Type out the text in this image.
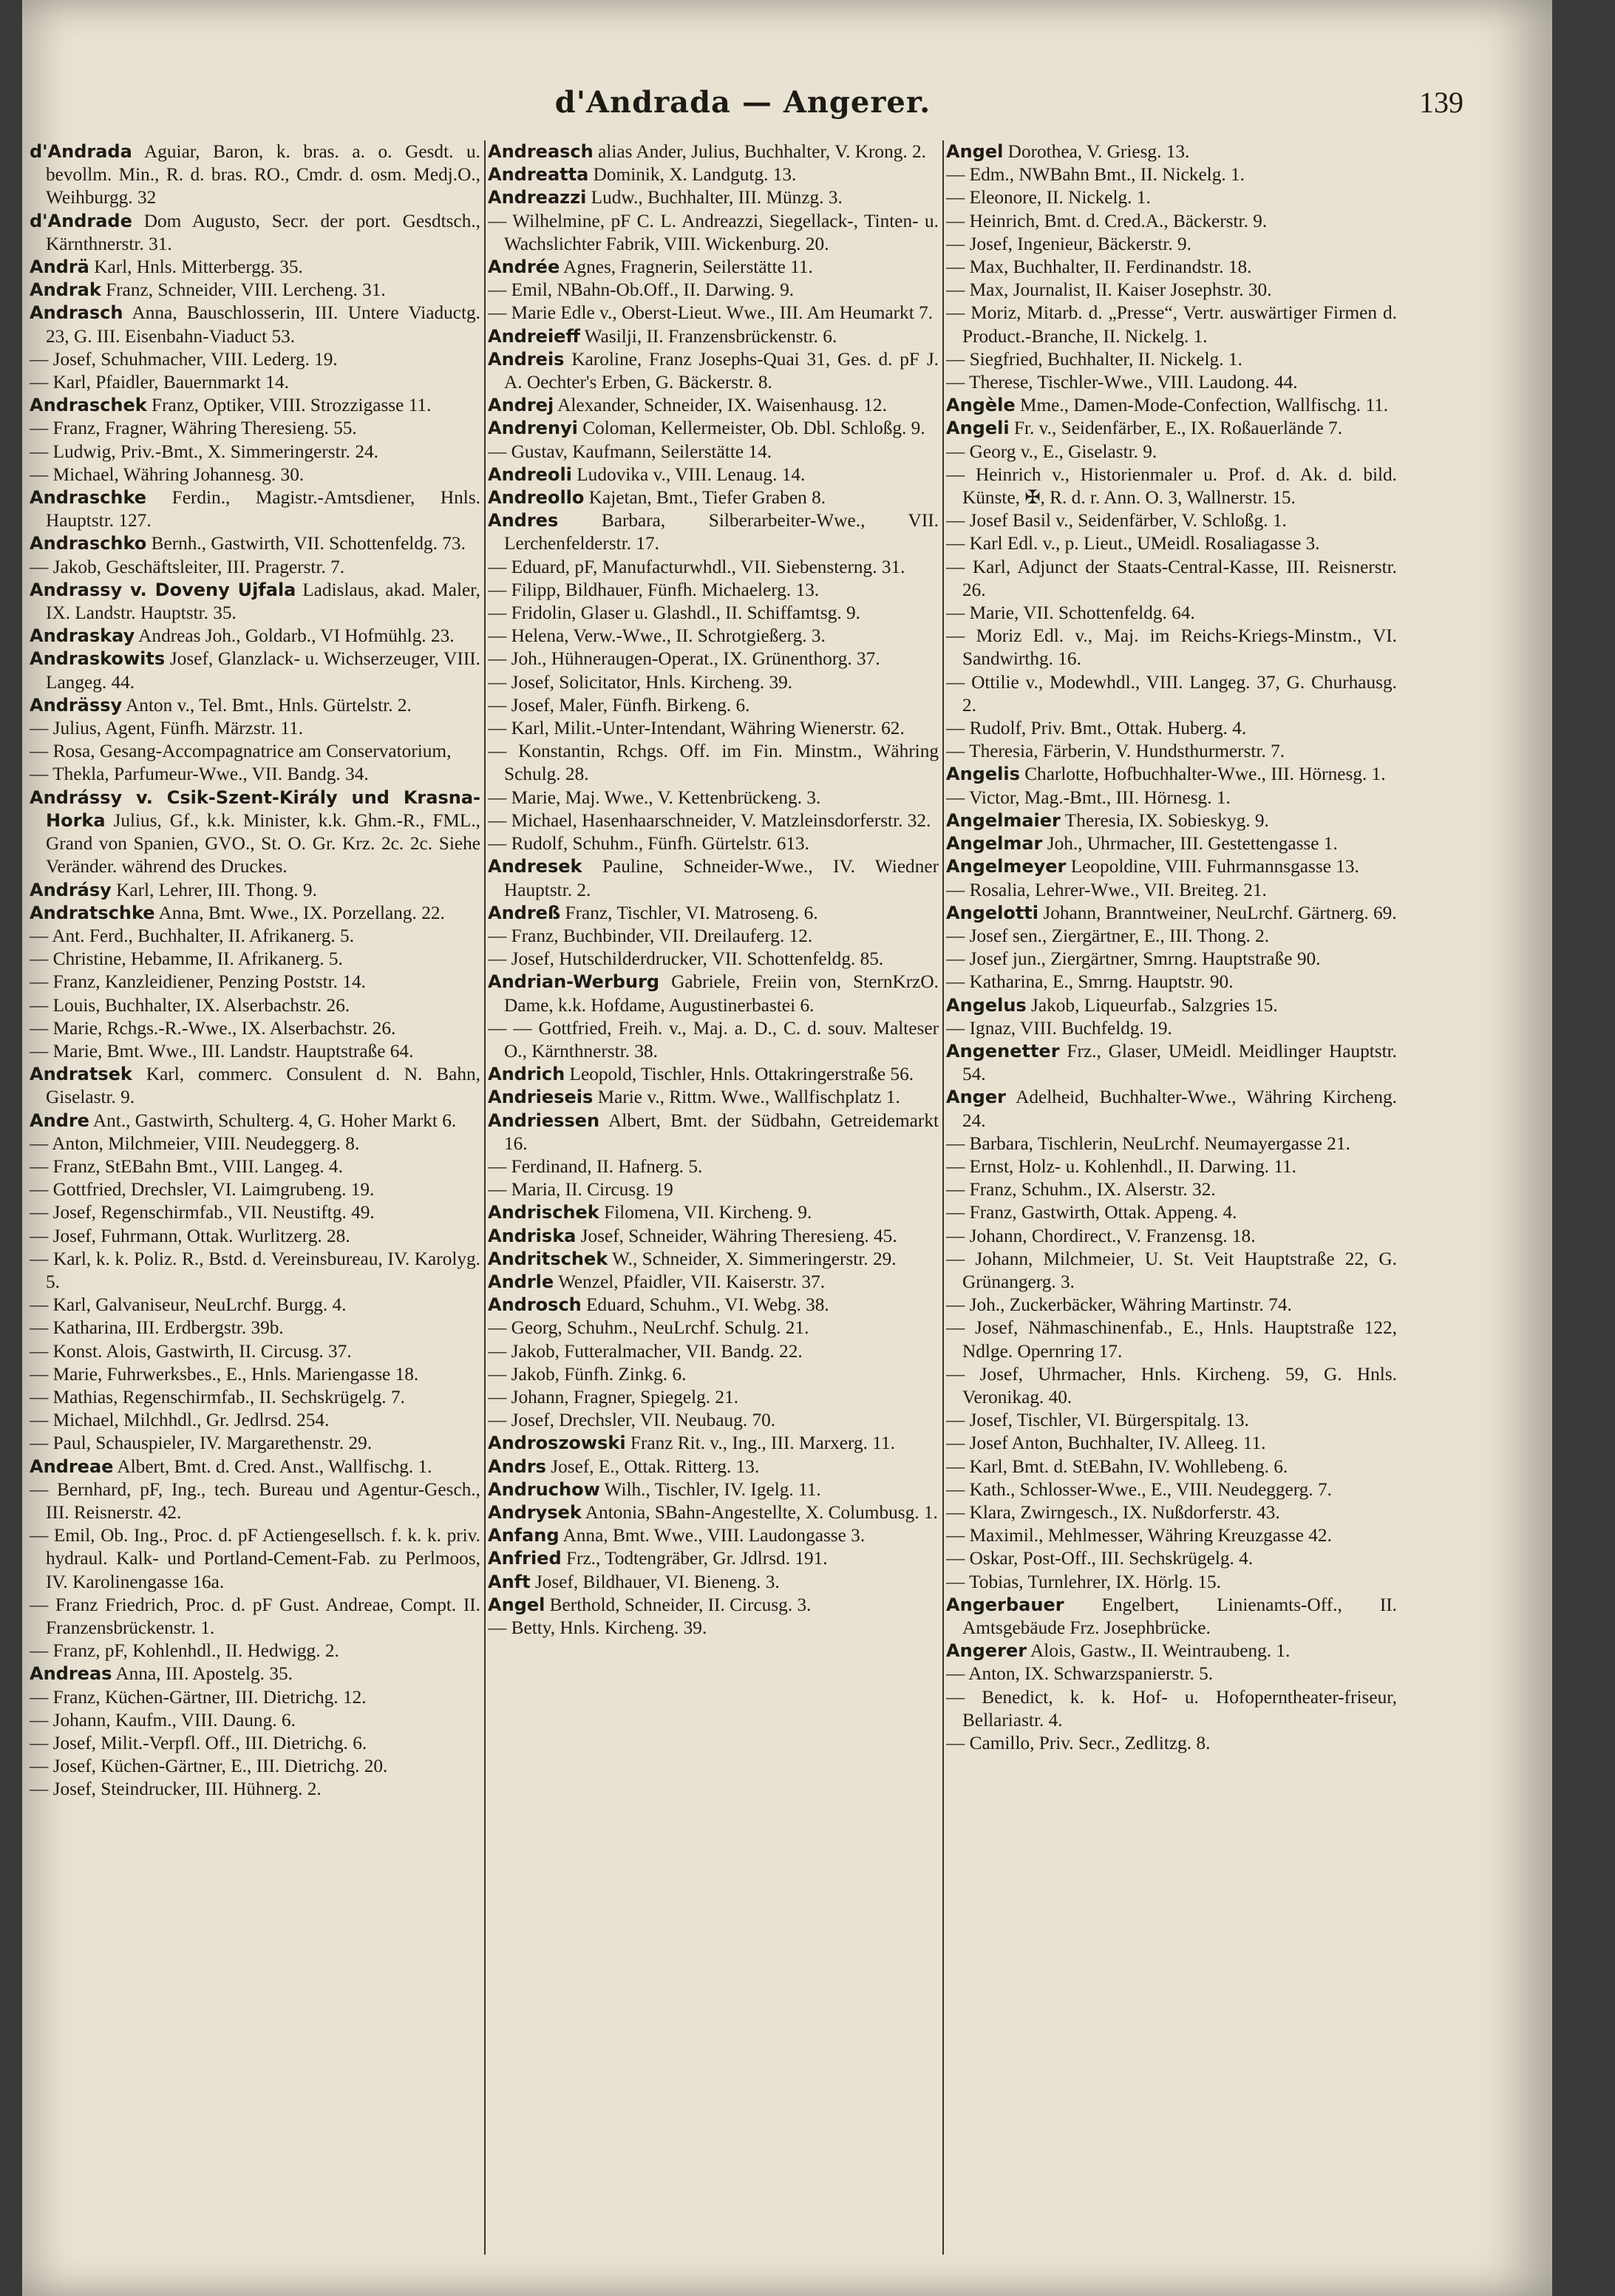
d'Andrada — Angerer.	139

d'Andrada Aguiar, Baron, k. bras. a. o. Gesdt. u. bevollm. Min., R. d. bras. RO., Cmdr. d. osm. Medj.O., Weihburgg. 32

d'Andrade Dom Augusto, Secr. der port. Gesdtsch., Kärnthnerstr. 31.

Andrä Karl, Hnls. Mitterbergg. 35.

Andrak Franz, Schneider, VIII. Lercheng. 31.

Andrasch Anna, Bauschlosserin, III. Untere Viaductg. 23, G. III. Eisenbahn-Viaduct 53.

— Josef, Schuhmacher, VIII. Lederg. 19.

— Karl, Pfaidler, Bauernmarkt 14.

Andraschek Franz, Optiker, VIII. Strozzigasse 11.

— Franz, Fragner, Währing Theresieng. 55.

— Ludwig, Priv.-Bmt., X. Simmeringerstr. 24.

— Michael, Währing Johannesg. 30.

Andraschke Ferdin., Magistr.-Amtsdiener, Hnls. Hauptstr. 127.

Andraschko Bernh., Gastwirth, VII. Schottenfeldg. 73.

— Jakob, Geschäftsleiter, III. Pragerstr. 7.

Andrassy v. Doveny Ujfala Ladislaus, akad. Maler, IX. Landstr. Hauptstr. 35.

Andraskay Andreas Joh., Goldarb., VI Hofmühlg. 23.

Andraskowits Josef, Glanzlack- u. Wichserzeuger, VIII. Langeg. 44.

Andrässy Anton v., Tel. Bmt., Hnls. Gürtelstr. 2.

— Julius, Agent, Fünfh. Märzstr. 11.

— Rosa, Gesang-Accompagnatrice am Conservatorium,

— Thekla, Parfumeur-Wwe., VII. Bandg. 34.

Andrássy v. Csik-Szent-Király und Krasna-Horka Julius, Gf., k.k. Minister, k.k. Ghm.-R., FML., Grand von Spanien, GVO., St. O. Gr. Krz. 2c. 2c. Siehe Veränder. während des Druckes.

Andrásy Karl, Lehrer, III. Thong. 9.

Andratschke Anna, Bmt. Wwe., IX. Porzellang. 22.

— Ant. Ferd., Buchhalter, II. Afrikanerg. 5.

— Christine, Hebamme, II. Afrikanerg. 5.

— Franz, Kanzleidiener, Penzing Poststr. 14.

— Louis, Buchhalter, IX. Alserbachstr. 26.

— Marie, Rchgs.-R.-Wwe., IX. Alserbachstr. 26.

— Marie, Bmt. Wwe., III. Landstr. Hauptstraße 64.

Andratsek Karl, commerc. Consulent d. N. Bahn, Giselastr. 9.

Andre Ant., Gastwirth, Schulterg. 4, G. Hoher Markt 6.

— Anton, Milchmeier, VIII. Neudeggerg. 8.

— Franz, StEBahn Bmt., VIII. Langeg. 4.

— Gottfried, Drechsler, VI. Laimgrubeng. 19.

— Josef, Regenschirmfab., VII. Neustiftg. 49.

— Josef, Fuhrmann, Ottak. Wurlitzerg. 28.

— Karl, k. k. Poliz. R., Bstd. d. Vereinsbureau, IV. Karolyg. 5.

— Karl, Galvaniseur, NeuLrchf. Burgg. 4.

— Katharina, III. Erdbergstr. 39b.

— Konst. Alois, Gastwirth, II. Circusg. 37.

— Marie, Fuhrwerksbes., E., Hnls. Mariengasse 18.

— Mathias, Regenschirmfab., II. Sechskrügelg. 7.

— Michael, Milchhdl., Gr. Jedlrsd. 254.

— Paul, Schauspieler, IV. Margarethenstr. 29.

Andreae Albert, Bmt. d. Cred. Anst., Wallfischg. 1.

— Bernhard, pF, Ing., tech. Bureau und Agentur-Gesch., III. Reisnerstr. 42.

— Emil, Ob. Ing., Proc. d. pF Actiengesellsch. f. k. k. priv. hydraul. Kalk- und Portland-Cement-Fab. zu Perlmoos, IV. Karolinengasse 16a.

— Franz Friedrich, Proc. d. pF Gust. Andreae, Compt. II. Franzensbrückenstr. 1.

— Franz, pF, Kohlenhdl., II. Hedwigg. 2.

Andreas Anna, III. Apostelg. 35.

— Franz, Küchen-Gärtner, III. Dietrichg. 12.

— Johann, Kaufm., VIII. Daung. 6.

— Josef, Milit.-Verpfl. Off., III. Dietrichg. 6.

— Josef, Küchen-Gärtner, E., III. Dietrichg. 20.

— Josef, Steindrucker, III. Hühnerg. 2.

Andreasch alias Ander, Julius, Buchhalter, V. Krong. 2.

Andreatta Dominik, X. Landgutg. 13.

Andreazzi Ludw., Buchhalter, III. Münzg. 3.

— Wilhelmine, pF C. L. Andreazzi, Siegellack-, Tinten- u. Wachslichter Fabrik, VIII. Wickenburg. 20.

Andrée Agnes, Fragnerin, Seilerstätte 11.

— Emil, NBahn-Ob.Off., II. Darwing. 9.

— Marie Edle v., Oberst-Lieut. Wwe., III. Am Heumarkt 7.

Andreieff Wasilji, II. Franzensbrückenstr. 6.

Andreis Karoline, Franz Josephs-Quai 31, Ges. d. pF J. A. Oechter's Erben, G. Bäckerstr. 8.

Andrej Alexander, Schneider, IX. Waisenhausg. 12.

Andrenyi Coloman, Kellermeister, Ob. Dbl. Schloßg. 9.

— Gustav, Kaufmann, Seilerstätte 14.

Andreoli Ludovika v., VIII. Lenaug. 14.

Andreollo Kajetan, Bmt., Tiefer Graben 8.

Andres Barbara, Silberarbeiter-Wwe., VII. Lerchenfelderstr. 17.

— Eduard, pF, Manufacturwhdl., VII. Siebensterng. 31.

— Filipp, Bildhauer, Fünfh. Michaelerg. 13.

— Fridolin, Glaser u. Glashdl., II. Schiffamtsg. 9.

— Helena, Verw.-Wwe., II. Schrotgießerg. 3.

— Joh., Hühneraugen-Operat., IX. Grünenthorg. 37.

— Josef, Solicitator, Hnls. Kircheng. 39.

— Josef, Maler, Fünfh. Birkeng. 6.

— Karl, Milit.-Unter-Intendant, Währing Wienerstr. 62.

— Konstantin, Rchgs. Off. im Fin. Minstm., Währing Schulg. 28.

— Marie, Maj. Wwe., V. Kettenbrückeng. 3.

— Michael, Hasenhaarschneider, V. Matzleinsdorferstr. 32.

— Rudolf, Schuhm., Fünfh. Gürtelstr. 613.

Andresek Pauline, Schneider-Wwe., IV. Wiedner Hauptstr. 2.

Andreß Franz, Tischler, VI. Matroseng. 6.

— Franz, Buchbinder, VII. Dreilauferg. 12.

— Josef, Hutschilderdrucker, VII. Schottenfeldg. 85.

Andrian-Werburg Gabriele, Freiin von, SternKrzO. Dame, k.k. Hofdame, Augustinerbastei 6.

— — Gottfried, Freih. v., Maj. a. D., C. d. souv. Malteser O., Kärnthnerstr. 38.

Andrich Leopold, Tischler, Hnls. Ottakringerstraße 56.

Andrieseis Marie v., Rittm. Wwe., Wallfischplatz 1.

Andriessen Albert, Bmt. der Südbahn, Getreidemarkt 16.

— Ferdinand, II. Hafnerg. 5.

— Maria, II. Circusg. 19

Andrischek Filomena, VII. Kircheng. 9.

Andriska Josef, Schneider, Währing Theresieng. 45.

Andritschek W., Schneider, X. Simmeringerstr. 29.

Andrle Wenzel, Pfaidler, VII. Kaiserstr. 37.

Androsch Eduard, Schuhm., VI. Webg. 38.

— Georg, Schuhm., NeuLrchf. Schulg. 21.

— Jakob, Futteralmacher, VII. Bandg. 22.

— Jakob, Fünfh. Zinkg. 6.

— Johann, Fragner, Spiegelg. 21.

— Josef, Drechsler, VII. Neubaug. 70.

Androszowski Franz Rit. v., Ing., III. Marxerg. 11.

Andrs Josef, E., Ottak. Ritterg. 13.

Andruchow Wilh., Tischler, IV. Igelg. 11.

Andrysek Antonia, SBahn-Angestellte, X. Columbusg. 1.

Anfang Anna, Bmt. Wwe., VIII. Laudongasse 3.

Anfried Frz., Todtengräber, Gr. Jdlrsd. 191.

Anft Josef, Bildhauer, VI. Bieneng. 3.

Angel Berthold, Schneider, II. Circusg. 3.

— Betty, Hnls. Kircheng. 39.

Angel Dorothea, V. Griesg. 13.

— Edm., NWBahn Bmt., II. Nickelg. 1.

— Eleonore, II. Nickelg. 1.

— Heinrich, Bmt. d. Cred.A., Bäckerstr. 9.

— Josef, Ingenieur, Bäckerstr. 9.

— Max, Buchhalter, II. Ferdinandstr. 18.

— Max, Journalist, II. Kaiser Josephstr. 30.

— Moriz, Mitarb. d. „Presse“, Vertr. auswärtiger Firmen d. Product.-Branche, II. Nickelg. 1.

— Siegfried, Buchhalter, II. Nickelg. 1.

— Therese, Tischler-Wwe., VIII. Laudong. 44.

Angèle Mme., Damen-Mode-Confection, Wallfischg. 11.

Angeli Fr. v., Seidenfärber, E., IX. Roßauerlände 7.

— Georg v., E., Giselastr. 9.

— Heinrich v., Historienmaler u. Prof. d. Ak. d. bild. Künste, ✠, R. d. r. Ann. O. 3, Wallnerstr. 15.

— Josef Basil v., Seidenfärber, V. Schloßg. 1.

— Karl Edl. v., p. Lieut., UMeidl. Rosaliagasse 3.

— Karl, Adjunct der Staats-Central-Kasse, III. Reisnerstr. 26.

— Marie, VII. Schottenfeldg. 64.

— Moriz Edl. v., Maj. im Reichs-Kriegs-Minstm., VI. Sandwirthg. 16.

— Ottilie v., Modewhdl., VIII. Langeg. 37, G. Churhausg. 2.

— Rudolf, Priv. Bmt., Ottak. Huberg. 4.

— Theresia, Färberin, V. Hundsthurmerstr. 7.

Angelis Charlotte, Hofbuchhalter-Wwe., III. Hörnesg. 1.

— Victor, Mag.-Bmt., III. Hörnesg. 1.

Angelmaier Theresia, IX. Sobieskyg. 9.

Angelmar Joh., Uhrmacher, III. Gestettengasse 1.

Angelmeyer Leopoldine, VIII. Fuhrmannsgasse 13.

— Rosalia, Lehrer-Wwe., VII. Breiteg. 21.

Angelotti Johann, Branntweiner, NeuLrchf. Gärtnerg. 69.

— Josef sen., Ziergärtner, E., III. Thong. 2.

— Josef jun., Ziergärtner, Smrng. Hauptstraße 90.

— Katharina, E., Smrng. Hauptstr. 90.

Angelus Jakob, Liqueurfab., Salzgries 15.

— Ignaz, VIII. Buchfeldg. 19.

Angenetter Frz., Glaser, UMeidl. Meidlinger Hauptstr. 54.

Anger Adelheid, Buchhalter-Wwe., Währing Kircheng. 24.

— Barbara, Tischlerin, NeuLrchf. Neumayergasse 21.

— Ernst, Holz- u. Kohlenhdl., II. Darwing. 11.

— Franz, Schuhm., IX. Alserstr. 32.

— Franz, Gastwirth, Ottak. Appeng. 4.

— Johann, Chordirect., V. Franzensg. 18.

— Johann, Milchmeier, U. St. Veit Hauptstraße 22, G. Grünangerg. 3.

— Joh., Zuckerbäcker, Währing Martinstr. 74.

— Josef, Nähmaschinenfab., E., Hnls. Hauptstraße 122, Ndlge. Opernring 17.

— Josef, Uhrmacher, Hnls. Kircheng. 59, G. Hnls. Veronikag. 40.

— Josef, Tischler, VI. Bürgerspitalg. 13.

— Josef Anton, Buchhalter, IV. Alleeg. 11.

— Karl, Bmt. d. StEBahn, IV. Wohllebeng. 6.

— Kath., Schlosser-Wwe., E., VIII. Neudeggerg. 7.

— Klara, Zwirngesch., IX. Nußdorferstr. 43.

— Maximil., Mehlmesser, Währing Kreuzgasse 42.

— Oskar, Post-Off., III. Sechskrügelg. 4.

— Tobias, Turnlehrer, IX. Hörlg. 15.

Angerbauer Engelbert, Linienamts-Off., II. Amtsgebäude Frz. Josephbrücke.

Angerer Alois, Gastw., II. Weintraubeng. 1.

— Anton, IX. Schwarzspanierstr. 5.

— Benedict, k. k. Hof- u. Hofoperntheater-friseur, Bellariastr. 4.

— Camillo, Priv. Secr., Zedlitzg. 8.
